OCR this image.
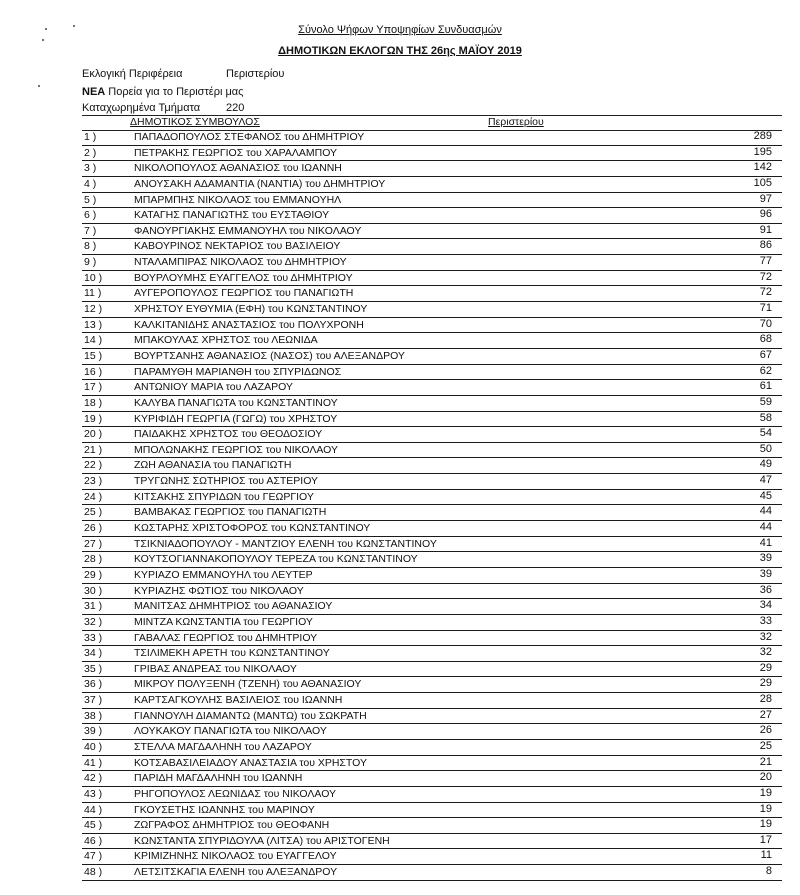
Σύνολο Ψήφων Υποψηφίων Συνδυασμών
ΔΗΜΟΤΙΚΩΝ ΕΚΛΟΓΩΝ ΤΗΣ 26ης ΜΑΪΟΥ 2019
Εκλογική Περιφέρεια	Περιστερίου
ΝΕΑ Πορεία για το Περιστέρι μας
Καταχωρημένα Τμήματα 220
ΔΗΜΟΤΙΚΟΣ ΣΥΜΒΟΥΛΟΣ	Περιστερίου
1 )	ΠΑΠΑΔΟΠΟΥΛΟΣ ΣΤΕΦΑΝΟΣ του ΔΗΜΗΤΡΙΟΥ	289
2 )	ΠΕΤΡΑΚΗΣ ΓΕΩΡΓΙΟΣ του ΧΑΡΑΛΑΜΠΟΥ	195
3 )	ΝΙΚΟΛΟΠΟΥΛΟΣ ΑΘΑΝΑΣΙΟΣ του ΙΩΑΝΝΗ	142
4 )	ΑΝΟΥΣΑΚΗ ΑΔΑΜΑΝΤΙΑ (ΝΑΝΤΙΑ) του ΔΗΜΗΤΡΙΟΥ	105
5 )	ΜΠΑΡΜΠΗΣ ΝΙΚΟΛΑΟΣ του ΕΜΜΑΝΟΥΗΛ	97
6 )	ΚΑΤΑΓΗΣ ΠΑΝΑΓΙΩΤΗΣ του ΕΥΣΤΑΘΙΟΥ	96
7 )	ΦΑΝΟΥΡΓΙΑΚΗΣ ΕΜΜΑΝΟΥΗΛ του ΝΙΚΟΛΑΟΥ	91
8 )	ΚΑΒΟΥΡΙΝΟΣ ΝΕΚΤΑΡΙΟΣ του ΒΑΣΙΛΕΙΟΥ	86
9 )	ΝΤΑΛΑΜΠΙΡΑΣ ΝΙΚΟΛΑΟΣ του ΔΗΜΗΤΡΙΟΥ	77
10 )	ΒΟΥΡΛΟΥΜΗΣ ΕΥΑΓΓΕΛΟΣ του ΔΗΜΗΤΡΙΟΥ	72
11 )	ΑΥΓΕΡΟΠΟΥΛΟΣ ΓΕΩΡΓΙΟΣ του ΠΑΝΑΓΙΩΤΗ	72
12 )	ΧΡΗΣΤΟΥ ΕΥΘΥΜΙΑ (ΕΦΗ) του ΚΩΝΣΤΑΝΤΙΝΟΥ	71
13 )	ΚΑΛΚΙΤΑΝΙΔΗΣ ΑΝΑΣΤΑΣΙΟΣ του ΠΟΛΥΧΡΟΝΗ	70
14 )	ΜΠΑΚΟΥΛΑΣ ΧΡΗΣΤΟΣ του ΛΕΩΝΙΔΑ	68
15 )	ΒΟΥΡΤΣΑΝΗΣ ΑΘΑΝΑΣΙΟΣ (ΝΑΣΟΣ) του ΑΛΕΞΑΝΔΡΟΥ	67
16 )	ΠΑΡΑΜΥΘΗ ΜΑΡΙΑΝΘΗ του ΣΠΥΡΙΔΩΝΟΣ	62
17 )	ΑΝΤΩΝΙΟΥ ΜΑΡΙΑ του ΛΑΖΑΡΟΥ	61
18 )	ΚΑΛΥΒΑ ΠΑΝΑΓΙΩΤΑ του ΚΩΝΣΤΑΝΤΙΝΟΥ	59
19 )	ΚΥΡΙΦΙΔΗ ΓΕΩΡΓΙΑ (ΓΩΓΩ) του ΧΡΗΣΤΟΥ	58
20 )	ΠΑΙΔΑΚΗΣ ΧΡΗΣΤΟΣ του ΘΕΟΔΟΣΙΟΥ	54
21 )	ΜΠΟΛΩΝΑΚΗΣ ΓΕΩΡΓΙΟΣ του ΝΙΚΟΛΑΟΥ	50
22 )	ΖΩΗ ΑΘΑΝΑΣΙΑ του ΠΑΝΑΓΙΩΤΗ	49
23 )	ΤΡΥΓΩΝΗΣ ΣΩΤΗΡΙΟΣ του ΑΣΤΕΡΙΟΥ	47
24 )	ΚΙΤΣΑΚΗΣ ΣΠΥΡΙΔΩΝ του ΓΕΩΡΓΙΟΥ	45
25 )	ΒΑΜΒΑΚΑΣ ΓΕΩΡΓΙΟΣ του ΠΑΝΑΓΙΩΤΗ	44
26 )	ΚΩΣΤΑΡΗΣ ΧΡΙΣΤΟΦΟΡΟΣ του ΚΩΝΣΤΑΝΤΙΝΟΥ	44
27 )	ΤΣΙΚΝΙΑΔΟΠΟΥΛΟΥ - ΜΑΝΤΖΙΟΥ ΕΛΕΝΗ του ΚΩΝΣΤΑΝΤΙΝΟΥ	41
28 )	ΚΟΥΤΣΟΓΙΑΝΝΑΚΟΠΟΥΛΟΥ ΤΕΡΕΖΑ του ΚΩΝΣΤΑΝΤΙΝΟΥ	39
29 )	ΚΥΡΙΑΖΟ ΕΜΜΑΝΟΥΗΛ του ΛΕΥΤΕΡ	39
30 )	ΚΥΡΙΑΖΗΣ ΦΩΤΙΟΣ του ΝΙΚΟΛΑΟΥ	36
31 )	ΜΑΝΙΤΣΑΣ ΔΗΜΗΤΡΙΟΣ του ΑΘΑΝΑΣΙΟΥ	34
32 )	ΜΙΝΤΖΑ ΚΩΝΣΤΑΝΤΙΑ του ΓΕΩΡΓΙΟΥ	33
33 )	ΓΑΒΑΛΑΣ ΓΕΩΡΓΙΟΣ του ΔΗΜΗΤΡΙΟΥ	32
34 )	ΤΣΙΛΙΜΕΚΗ ΑΡΕΤΗ του ΚΩΝΣΤΑΝΤΙΝΟΥ	32
35 )	ΓΡΙΒΑΣ ΑΝΔΡΕΑΣ του ΝΙΚΟΛΑΟΥ	29
36 )	ΜΙΚΡΟΥ ΠΟΛΥΞΕΝΗ (ΤΖΕΝΗ) του ΑΘΑΝΑΣΙΟΥ	29
37 )	ΚΑΡΤΣΑΓΚΟΥΛΗΣ ΒΑΣΙΛΕΙΟΣ του ΙΩΑΝΝΗ	28
38 )	ΓΙΑΝΝΟΥΛΗ ΔΙΑΜΑΝΤΩ (ΜΑΝΤΩ) του ΣΩΚΡΑΤΗ	27
39 )	ΛΟΥΚΑΚΟΥ ΠΑΝΑΓΙΩΤΑ του ΝΙΚΟΛΑΟΥ	26
40 )	ΣΤΕΛΛΑ ΜΑΓΔΑΛΗΝΗ του ΛΑΖΑΡΟΥ	25
41 )	ΚΟΤΣΑΒΑΣΙΛΕΙΑΔΟΥ ΑΝΑΣΤΑΣΙΑ του ΧΡΗΣΤΟΥ	21
42 )	ΠΑΡΙΔΗ ΜΑΓΔΑΛΗΝΗ του ΙΩΑΝΝΗ	20
43 )	ΡΗΓΟΠΟΥΛΟΣ ΛΕΩΝΙΔΑΣ του ΝΙΚΟΛΑΟΥ	19
44 )	ΓΚΟΥΣΕΤΗΣ ΙΩΑΝΝΗΣ του ΜΑΡΙΝΟΥ	19
45 )	ΖΩΓΡΑΦΟΣ ΔΗΜΗΤΡΙΟΣ του ΘΕΟΦΑΝΗ	19
46 )	ΚΩΝΣΤΑΝΤΑ ΣΠΥΡΙΔΟΥΛΑ (ΛΙΤΣΑ) του ΑΡΙΣΤΟΓΕΝΗ	17
47 )	ΚΡΙΜΙΖΗΝΗΣ ΝΙΚΟΛΑΟΣ του ΕΥΑΓΓΕΛΟΥ	11
48 )	ΛΕΤΣΙΤΣΚΑΓΙΑ ΕΛΕΝΗ του ΑΛΕΞΑΝΔΡΟΥ	8
